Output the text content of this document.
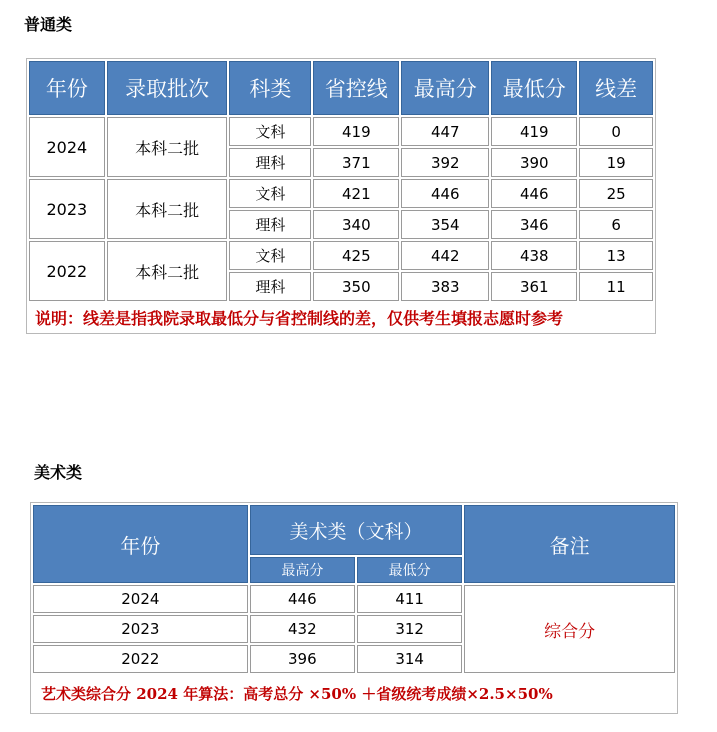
普通类
年份	录取批次	科类	省控线	最高分	最低分	线差
2024	本科二批	文科	419	447	419	0
		理科	371	392	390	19
2023	本科二批	文科	421	446	446	25
		理科	340	354	346	6
2022	本科二批	文科	425	442	438	13
		理科	350	383	361	11
说明：线差是指我院录取最低分与省控制线的差，仅供考生填报志愿时参考						
美术类
年份	美术类（文科）		备注
	最高分	最低分	
2024	446	411	综合分
2023	432	312	
2022	396	314	
艺术类综合分 2024 年算法：高考总分 ×50% ＋省级统考成绩×2.5×50%			
